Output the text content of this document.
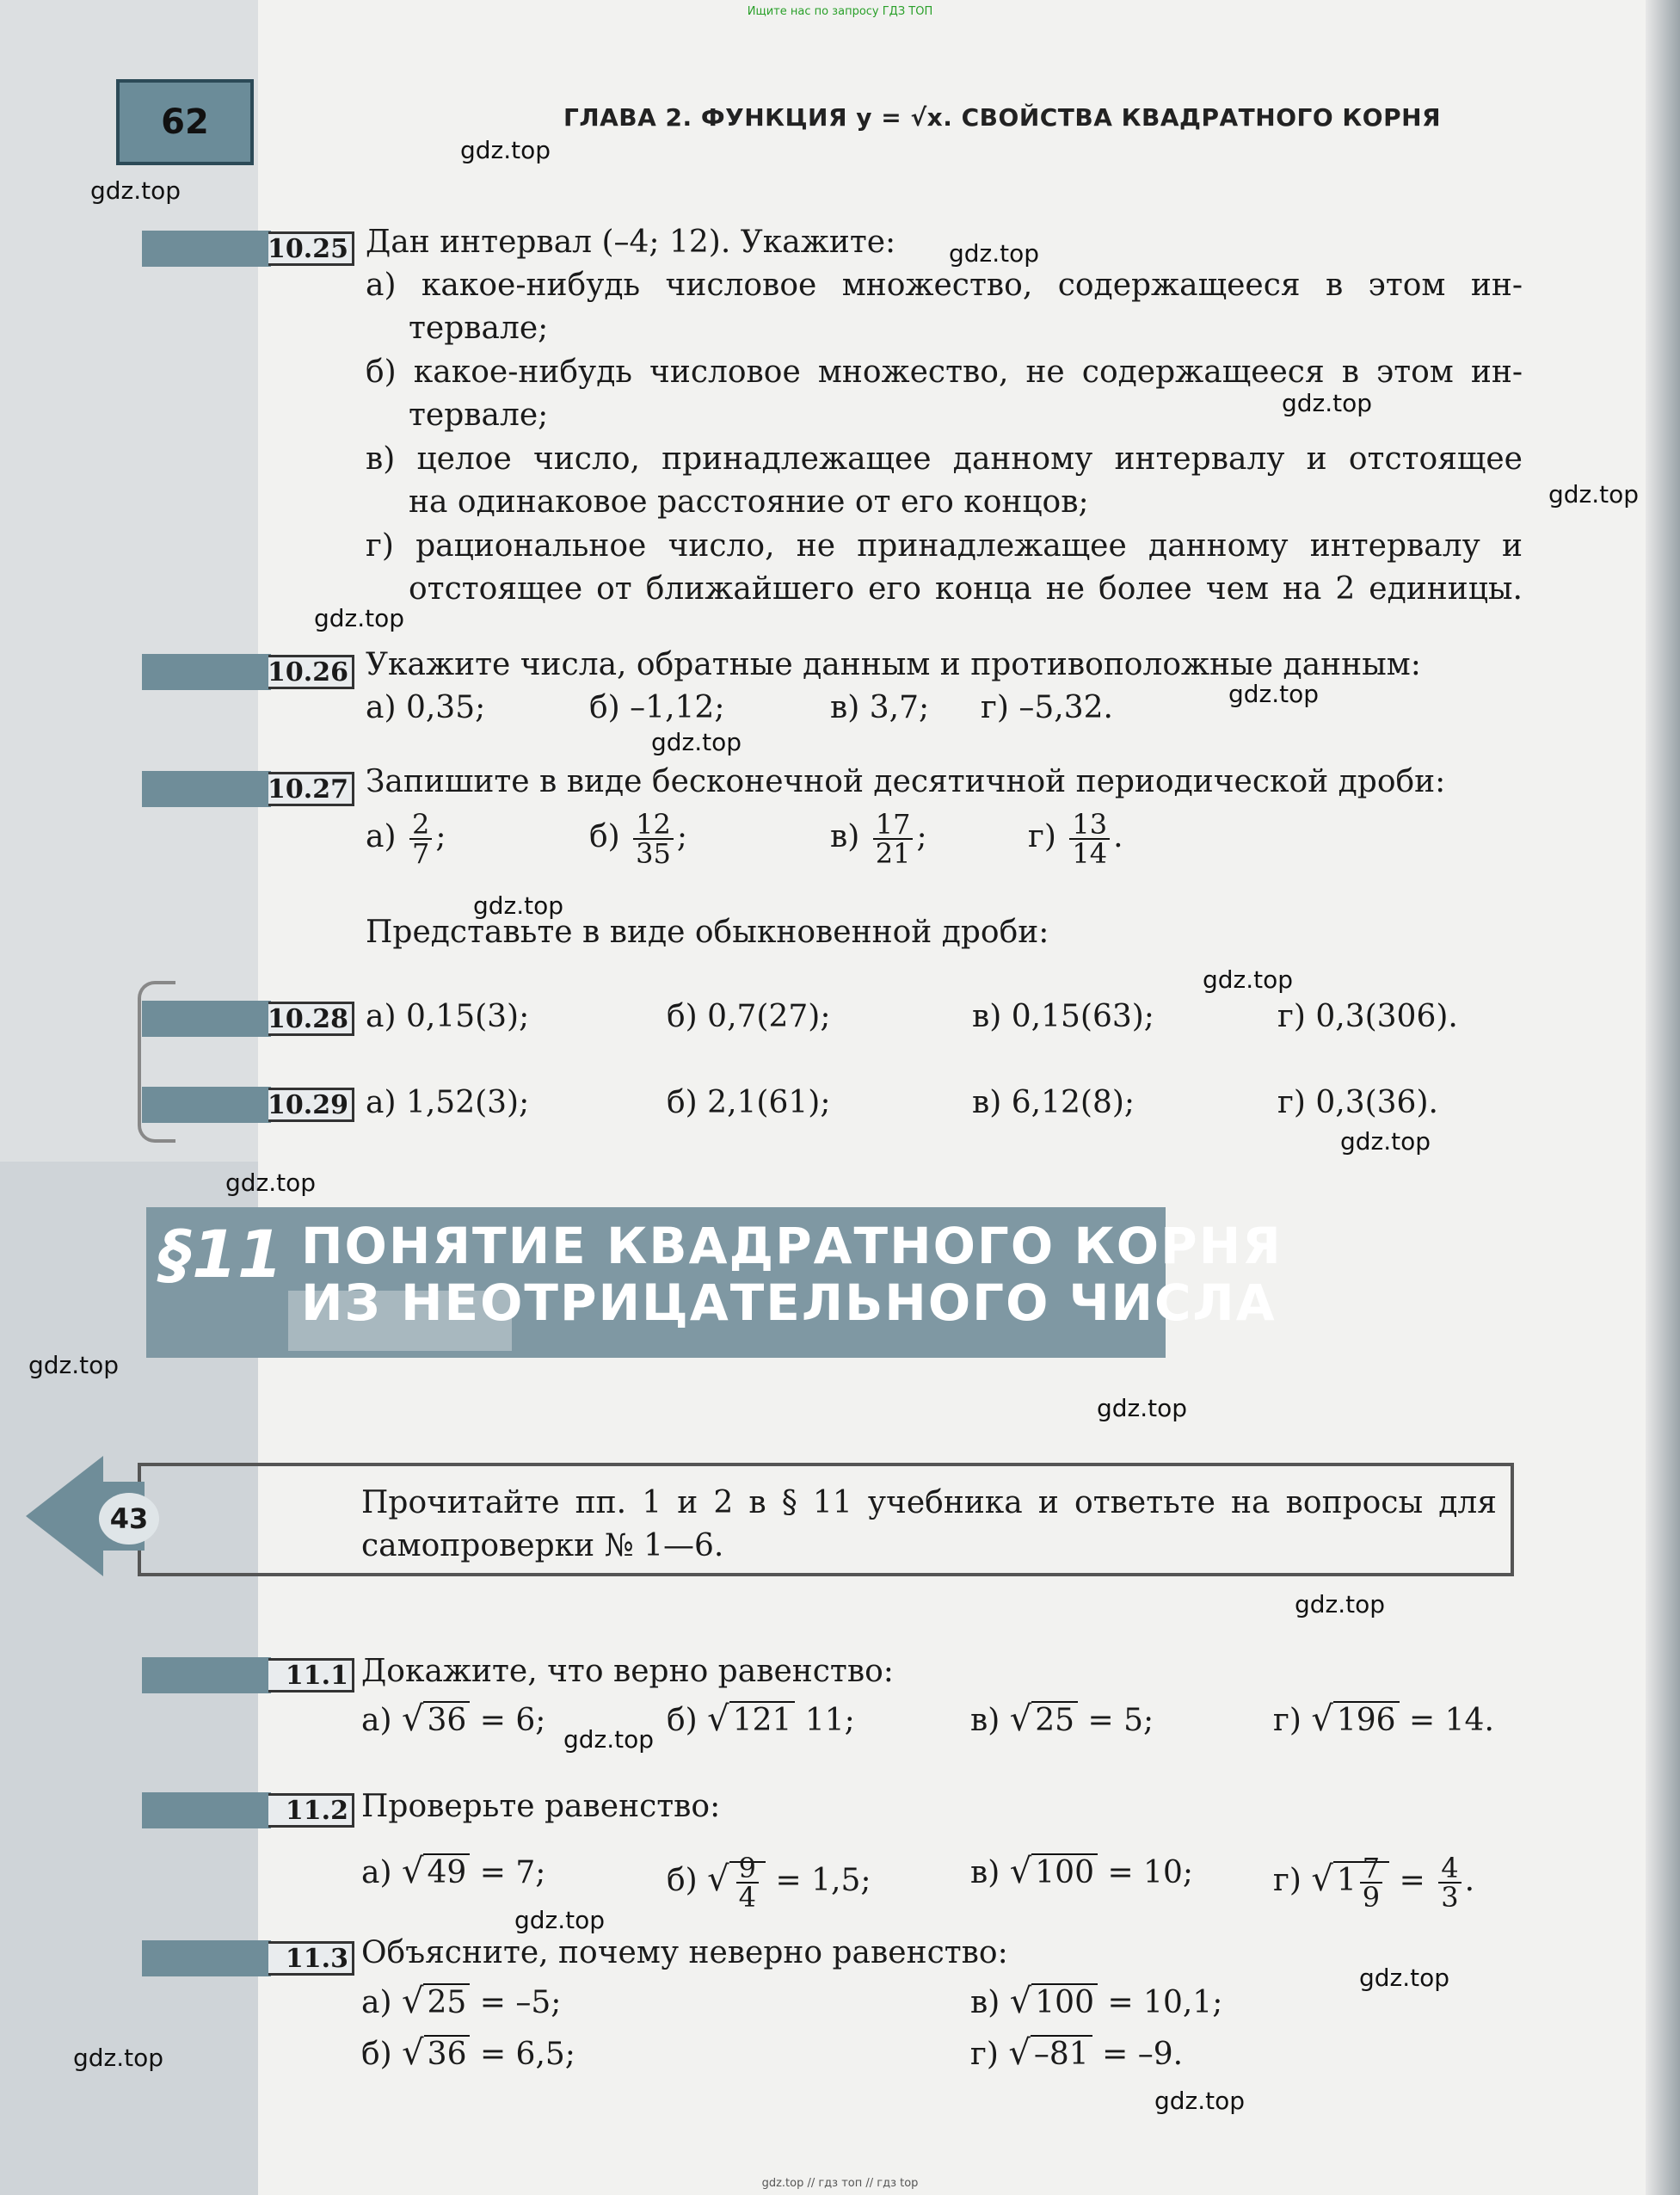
Ищите нас по запросу ГДЗ ТОП
gdz.top // гдз топ // гдз top
62	ГЛАВА 2. ФУНКЦИЯ y = √x. СВОЙСТВА КВАДРАТНОГО КОРНЯ
gdz.top
gdz.top
gdz.top
gdz.top
gdz.top
gdz.top
gdz.top
gdz.top
gdz.top
gdz.top
gdz.top
gdz.top
gdz.top
gdz.top
gdz.top
gdz.top
gdz.top
gdz.top
gdz.top
gdz.top
10.25 Дан интервал (–4; 12). Укажите:
а) какое-нибудь числовое множество, содержащееся в этом ин-
тервале;
б) какое-нибудь числовое множество, не содержащееся в этом ин-
тервале;
в) целое число, принадлежащее данному интервалу и отстоящее
на одинаковое расстояние от его концов;
г) рациональное число, не принадлежащее данному интервалу и
отстоящее от ближайшего его конца не более чем на 2 единицы.
10.26 Укажите числа, обратные данным и противоположные данным:
а) 0,35;	б) –1,12;	в) 3,7; г) –5,32.
10.27 Запишите в виде бесконечной десятичной периодической дроби:
$а) \frac{2}{7}$ ;	$б) \frac{12}{35}$ ;	$в) \frac{17}{21}$ ;	$г) \frac{13}{14}$ .
Представьте в виде обыкновенной дроби:
10.28 а) 0,15(3);	б) 0,7(27);	в) 0,15(63);	г) 0,3(306).
10.29 а) 1,52(3);	б) 2,1(61);	в) 6,12(8);	г) 0,3(36).
§11 ПОНЯТИЕ КВАДРАТНОГО КОРНЯ
ИЗ НЕОТРИЦАТЕЛЬНОГО ЧИСЛА
43	Прочитайте пп. 1 и 2 в § 11 учебника и ответьте на вопросы для
самопроверки № 1—6.
11.1 Докажите, что верно равенство:
а) √ 36 = 6;	б) √ 121 11;	в) √ 25 = 5;	г) √ 196 = 14.
11.2 Проверьте равенство:
а) √ 49 = 7;	б) √ $\frac{9}{4} = 1,5$;	в) √ 100 = 10;	г) √ $1 \frac{7}{9} = \frac{4}{3}$ .
11.3 Объясните, почему неверно равенство:
а) √ 25 = –5;	в) √ 100 = 10,1;
б) √ 36 = 6,5;	г) √ –81 = –9.
